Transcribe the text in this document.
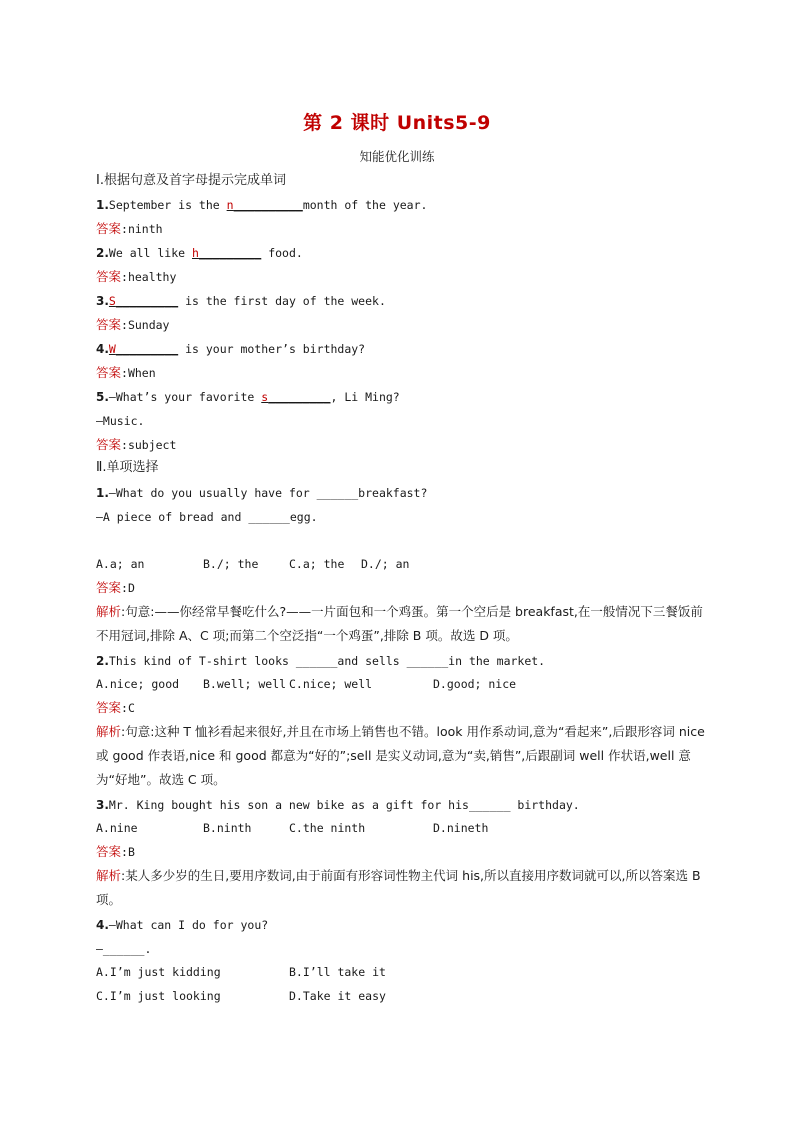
第 2 课时 Units5-9
知能优化训练
Ⅰ.根据句意及首字母提示完成单词
1.September is the n__________month of the year.
答案:ninth
2.We all like h_________ food.
答案:healthy
3.S_________ is the first day of the week.
答案:Sunday
4.W_________ is your mother’s birthday?
答案:When
5.—What’s your favorite s_________, Li Ming?
—Music.
答案:subject
Ⅱ.单项选择
1.—What do you usually have for ______breakfast?
—A piece of bread and ______egg.
A.a; an	B./; the	C.a; the D./; an
答案:D
解析:句意:——你经常早餐吃什么?——一片面包和一个鸡蛋。第一个空后是 breakfast,在一般情况下三餐饭前不用冠词,排除 A、C 项;而第二个空泛指“一个鸡蛋”,排除 B 项。故选 D 项。
2.This kind of T-shirt looks ______and sells ______in the market.
A.nice; good B.well; well C.nice; well	D.good; nice
答案:C
解析:句意:这种 T 恤衫看起来很好,并且在市场上销售也不错。look 用作系动词,意为“看起来”,后跟形容词 nice 或 good 作表语,nice 和 good 都意为“好的”;sell 是实义动词,意为“卖,销售”,后跟副词 well 作状语,well 意为“好地”。故选 C 项。
3.Mr. King bought his son a new bike as a gift for his______ birthday.
A.nine	B.ninth	C.the ninth	D.nineth
答案:B
解析:某人多少岁的生日,要用序数词,由于前面有形容词性物主代词 his,所以直接用序数词就可以,所以答案选 B 项。
4.—What can I do for you?
—______.
A.I’m just kidding	B.I’ll take it
C.I’m just looking	D.Take it easy
